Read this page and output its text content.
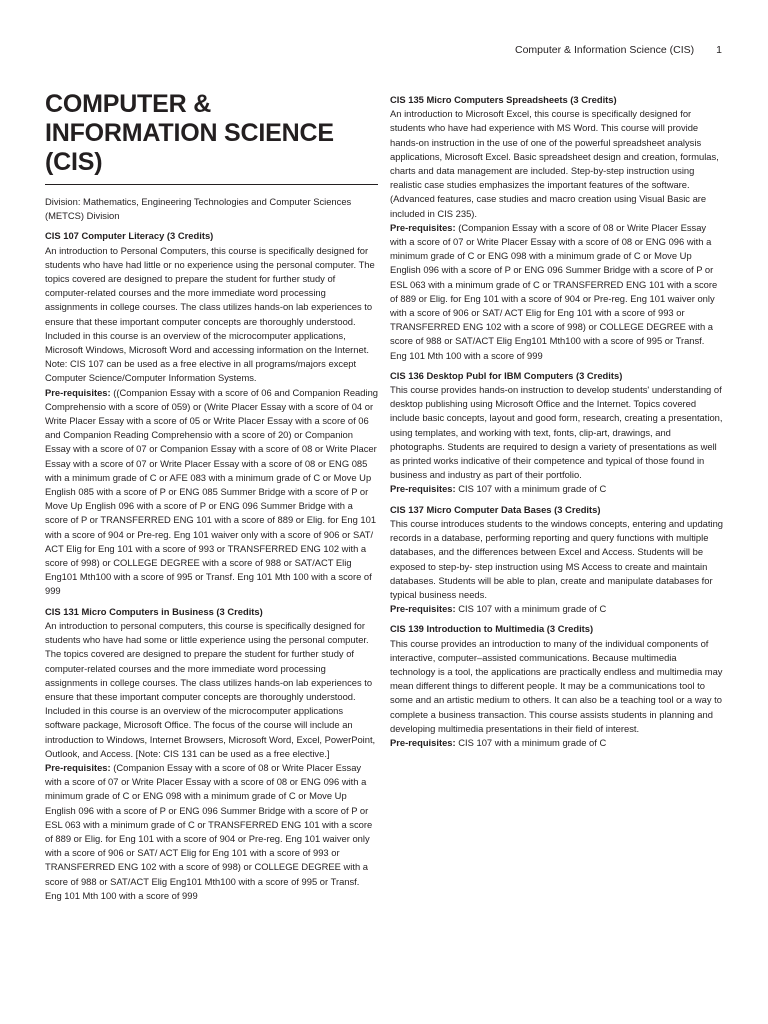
Computer & Information Science (CIS) 1
COMPUTER & INFORMATION SCIENCE (CIS)

Division: Mathematics, Engineering Technologies and Computer Sciences (METCS) Division

CIS 107 Computer Literacy (3 Credits)

An introduction to Personal Computers, this course is specifically designed for students who have had little or no experience using the personal computer. The topics covered are designed to prepare the student for further study of computer-related courses and the more immediate word processing assignments in college courses. The class utilizes hands-on lab experiences to ensure that these important computer concepts are thoroughly understood. Included in this course is an overview of the microcomputer applications, Microsoft Windows, Microsoft Word and accessing information on the Internet. Note: CIS 107 can be used as a free elective in all programs/majors except Computer Science/Computer Information Systems.

Pre-requisites: ((Companion Essay with a score of 06 and Companion Reading Comprehensio with a score of 059) or (Write Placer Essay with a score of 04 or Write Placer Essay with a score of 05 or Write Placer Essay with a score of 06 and Companion Reading Comprehensio with a score of 20) or Companion Essay with a score of 07 or Companion Essay with a score of 08 or Write Placer Essay with a score of 07 or Write Placer Essay with a score of 08 or ENG 085 with a minimum grade of C or AFE 083 with a minimum grade of C or Move Up English 085 with a score of P or ENG 085 Summer Bridge with a score of P or Move Up English 096 with a score of P or ENG 096 Summer Bridge with a score of P or TRANSFERRED ENG 101 with a score of 889 or Elig. for Eng 101 with a score of 904 or Pre-reg. Eng 101 waiver only with a score of 906 or SAT/ ACT Elig for Eng 101 with a score of 993 or TRANSFERRED ENG 102 with a score of 998) or COLLEGE DEGREE with a score of 988 or SAT/ACT Elig Eng101 Mth100 with a score of 995 or Transf. Eng 101 Mth 100 with a score of 999

CIS 131 Micro Computers in Business (3 Credits)

An introduction to personal computers, this course is specifically designed for students who have had some or little experience using the personal computer. The topics covered are designed to prepare the student for further study of computer-related courses and the more immediate word processing assignments in college courses. The class utilizes hands-on lab experiences to ensure that these important computer concepts are thoroughly understood. Included in this course is an overview of the microcomputer applications software package, Microsoft Office. The focus of the course will include an introduction to Windows, Internet Browsers, Microsoft Word, Excel, PowerPoint, Outlook, and Access. [Note: CIS 131 can be used as a free elective.]

Pre-requisites: (Companion Essay with a score of 08 or Write Placer Essay with a score of 07 or Write Placer Essay with a score of 08 or ENG 096 with a minimum grade of C or ENG 098 with a minimum grade of C or Move Up English 096 with a score of P or ENG 096 Summer Bridge with a score of P or ESL 063 with a minimum grade of C or TRANSFERRED ENG 101 with a score of 889 or Elig. for Eng 101 with a score of 904 or Pre-reg. Eng 101 waiver only with a score of 906 or SAT/ ACT Elig for Eng 101 with a score of 993 or TRANSFERRED ENG 102 with a score of 998) or COLLEGE DEGREE with a score of 988 or SAT/ACT Elig Eng101 Mth100 with a score of 995 or Transf. Eng 101 Mth 100 with a score of 999

CIS 135 Micro Computers Spreadsheets (3 Credits)

An introduction to Microsoft Excel, this course is specifically designed for students who have had experience with MS Word. This course will provide hands-on instruction in the use of one of the powerful spreadsheet analysis applications, Microsoft Excel. Basic spreadsheet design and creation, formulas, charts and data management are included. Step-by-step instruction using realistic case studies emphasizes the important features of the software. (Advanced features, case studies and macro creation using Visual Basic are included in CIS 235).

Pre-requisites: (Companion Essay with a score of 08 or Write Placer Essay with a score of 07 or Write Placer Essay with a score of 08 or ENG 096 with a minimum grade of C or ENG 098 with a minimum grade of C or Move Up English 096 with a score of P or ENG 096 Summer Bridge with a score of P or ESL 063 with a minimum grade of C or TRANSFERRED ENG 101 with a score of 889 or Elig. for Eng 101 with a score of 904 or Pre-reg. Eng 101 waiver only with a score of 906 or SAT/ ACT Elig for Eng 101 with a score of 993 or TRANSFERRED ENG 102 with a score of 998) or COLLEGE DEGREE with a score of 988 or SAT/ACT Elig Eng101 Mth100 with a score of 995 or Transf. Eng 101 Mth 100 with a score of 999

CIS 136 Desktop Publ for IBM Computers (3 Credits)

This course provides hands-on instruction to develop students' understanding of desktop publishing using Microsoft Office and the Internet. Topics covered include basic concepts, layout and good form, research, creating a presentation, using templates, and working with text, fonts, clip-art, drawings, and photographs. Students are required to design a variety of presentations as well as printed works indicative of their competence and typical of those found in business and industry as part of their portfolio.

Pre-requisites: CIS 107 with a minimum grade of C

CIS 137 Micro Computer Data Bases (3 Credits)

This course introduces students to the windows concepts, entering and updating records in a database, performing reporting and query functions with multiple databases, and the differences between Excel and Access. Students will be exposed to step-by- step instruction using MS Access to create and maintain databases. Students will be able to plan, create and manipulate databases for typical business needs.

Pre-requisites: CIS 107 with a minimum grade of C

CIS 139 Introduction to Multimedia (3 Credits)

This course provides an introduction to many of the individual components of interactive, computer–assisted communications. Because multimedia technology is a tool, the applications are practically endless and multimedia may mean different things to different people. It may be a communications tool to some and an artistic medium to others. It can also be a teaching tool or a way to complete a business transaction. This course assists students in planning and developing multimedia presentations in their field of interest.

Pre-requisites: CIS 107 with a minimum grade of C
